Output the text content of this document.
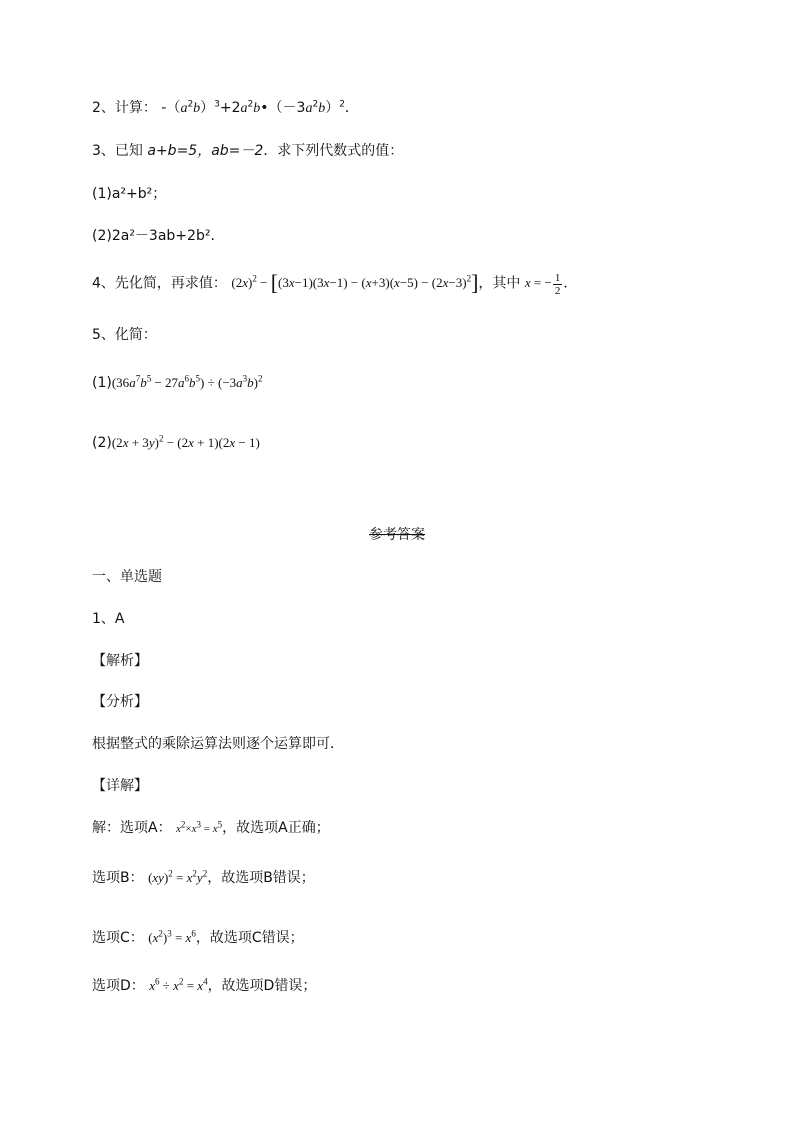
2、计算： $-(a^2b)^3+2a^2b•(-3a^2b)^2$．
3、已知 a+b=5，ab=－2．求下列代数式的值：
(1)a²+b²；
(2)2a²－3ab+2b²．
4、先化简，再求值： $(2x)^2 - [(3x-1)(3x-1) - (x+3)(x-5) - (2x-3)^2]$，其中 x = − $\frac{1}{2}$ ．
5、化简：
$(1)(36a^7b^5 - 27a^6b^5) \div (-3a^3b)^2$
$(2)(2x + 3y)^2 - (2x + 1)(2x - 1)$
参考答案
一、单选题
1、A
【解析】
【分析】
根据整式的乘除运算法则逐个运算即可．
【详解】
解：选项A： $x^2\times x^3 = x^5$，故选项A正确；
选项B： $(xy)^2 = x^2y^2$，故选项B错误；
选项C： $(x^2)^3 = x^6$，故选项C错误；
选项D： $x^6 \div x^2 = x^4$，故选项D错误；
